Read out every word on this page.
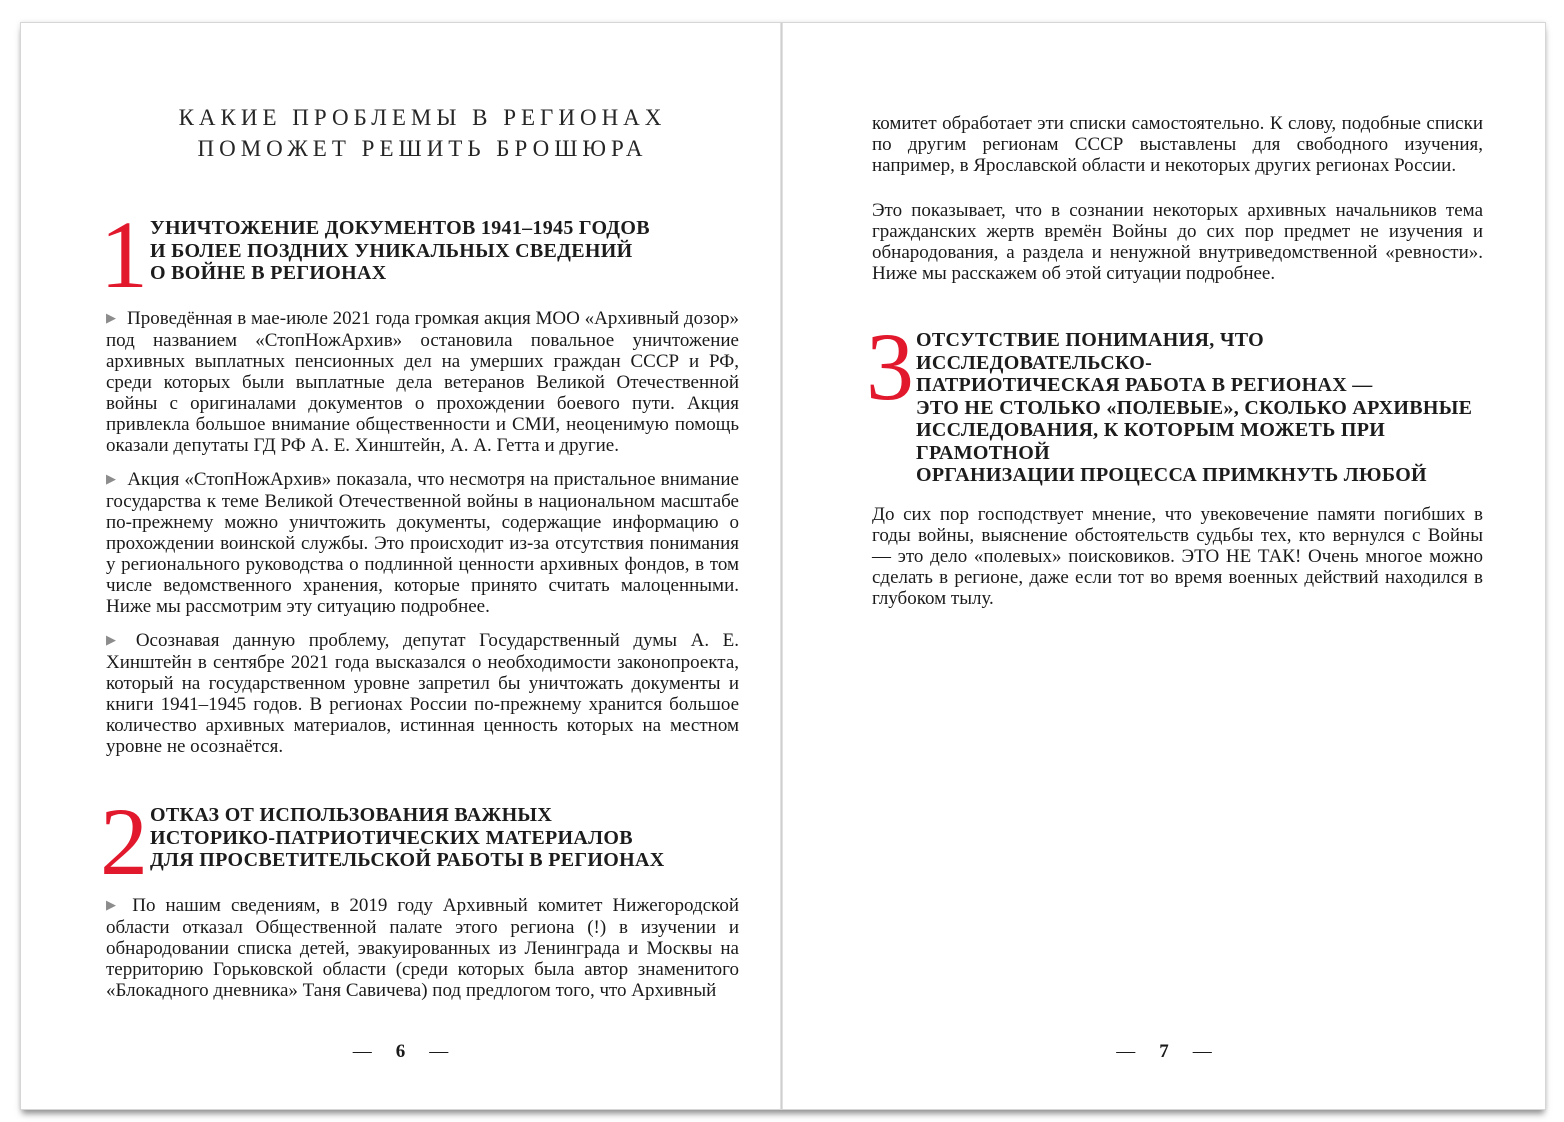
КАКИЕ ПРОБЛЕМЫ В РЕГИОНАХ
ПОМОЖЕТ РЕШИТЬ БРОШЮРА
1 УНИЧТОЖЕНИЕ ДОКУМЕНТОВ 1941–1945 ГОДОВ
И БОЛЕЕ ПОЗДНИХ УНИКАЛЬНЫХ СВЕДЕНИЙ
О ВОЙНЕ В РЕГИОНАХ

▶ Проведённая в мае-июле 2021 года громкая акция МОО «Архивный дозор» под названием «СтопНожАрхив» остановила повальное уничтожение архивных выплатных пенсионных дел на умерших граждан СССР и РФ, среди которых были выплатные дела ветеранов Великой Отечественной войны с оригиналами документов о прохождении боевого пути. Акция привлекла большое внимание общественности и СМИ, неоценимую помощь оказали депутаты ГД РФ А. Е. Хинштейн, А. А. Гетта и другие.

▶ Акция «СтопНожАрхив» показала, что несмотря на пристальное внимание государства к теме Великой Отечественной войны в национальном масштабе по-прежнему можно уничтожить документы, содержащие информацию о прохождении воинской службы. Это происходит из-за отсутствия понимания у регионального руководства о подлинной ценности архивных фондов, в том числе ведомственного хранения, которые принято считать малоценными. Ниже мы рассмотрим эту ситуацию подробнее.

▶ Осознавая данную проблему, депутат Государственный думы А. Е. Хинштейн в сентябре 2021 года высказался о необходимости законопроекта, который на государственном уровне запретил бы уничтожать документы и книги 1941–1945 годов. В регионах России по-прежнему хранится большое количество архивных материалов, истинная ценность которых на местном уровне не осознаётся.

2 ОТКАЗ ОТ ИСПОЛЬЗОВАНИЯ ВАЖНЫХ
ИСТОРИКО-ПАТРИОТИЧЕСКИХ МАТЕРИАЛОВ
ДЛЯ ПРОСВЕТИТЕЛЬСКОЙ РАБОТЫ В РЕГИОНАХ

▶ По нашим сведениям, в 2019 году Архивный комитет Нижегородской области отказал Общественной палате этого региона (!) в изучении и обнародовании списка детей, эвакуированных из Ленинграда и Москвы на территорию Горьковской области (среди которых была автор знаменитого «Блокадного дневника» Таня Савичева) под предлогом того, что Архивный

— 6 —

комитет обработает эти списки самостоятельно. К слову, подобные списки по другим регионам СССР выставлены для свободного изучения, например, в Ярославской области и некоторых других регионах России.

Это показывает, что в сознании некоторых архивных начальников тема гражданских жертв времён Войны до сих пор предмет не изучения и обнародования, а раздела и ненужной внутриведомственной «ревности». Ниже мы расскажем об этой ситуации подробнее.

3 ОТСУТСТВИЕ ПОНИМАНИЯ, ЧТО ИССЛЕДОВАТЕЛЬСКО-
ПАТРИОТИЧЕСКАЯ РАБОТА В РЕГИОНАХ —
ЭТО НЕ СТОЛЬКО «ПОЛЕВЫЕ», СКОЛЬКО АРХИВНЫЕ
ИССЛЕДОВАНИЯ, К КОТОРЫМ МОЖЕТЬ ПРИ ГРАМОТНОЙ
ОРГАНИЗАЦИИ ПРОЦЕССА ПРИМКНУТЬ ЛЮБОЙ

До сих пор господствует мнение, что увековечение памяти погибших в годы войны, выяснение обстоятельств судьбы тех, кто вернулся с Войны — это дело «полевых» поисковиков. ЭТО НЕ ТАК! Очень многое можно сделать в регионе, даже если тот во время военных действий находился в глубоком тылу.

— 7 —
